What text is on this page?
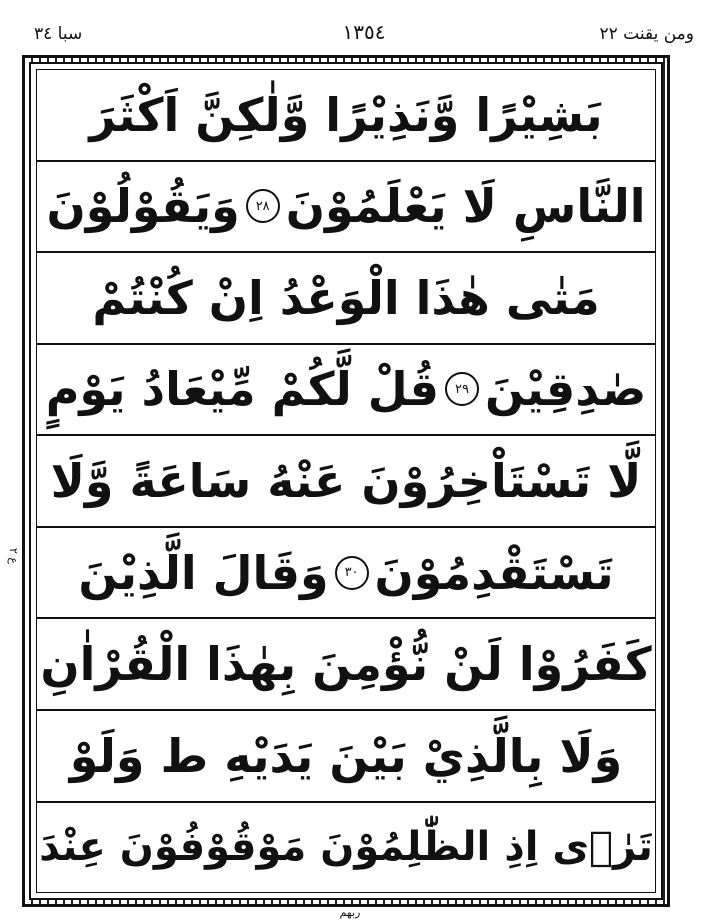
ومن يقنت ٢٢
١٣٥٤
سبا ٣٤
ع ٢
بَشِيْرًا وَّنَذِيْرًا وَّلٰكِنَّ اَكْثَرَ
النَّاسِ لَا يَعْلَمُوْنَ
٢٨
وَيَقُوْلُوْنَ
مَتٰى هٰذَا الْوَعْدُ اِنْ كُنْتُمْ
صٰدِقِيْنَ
٢٩
قُلْ لَّكُمْ مِّيْعَادُ يَوْمٍ
لَّا تَسْتَاْخِرُوْنَ عَنْهُ سَاعَةً وَّلَا
تَسْتَقْدِمُوْنَ
٣٠
وَقَالَ الَّذِيْنَ
كَفَرُوْا لَنْ نُّؤْمِنَ بِهٰذَا الْقُرْاٰنِ
وَلَا بِالَّذِيْ بَيْنَ يَدَيْهِ ط وَلَوْ
تَرٰۤى اِذِ الظّٰلِمُوْنَ مَوْقُوْفُوْنَ عِنْدَ
ربهم
